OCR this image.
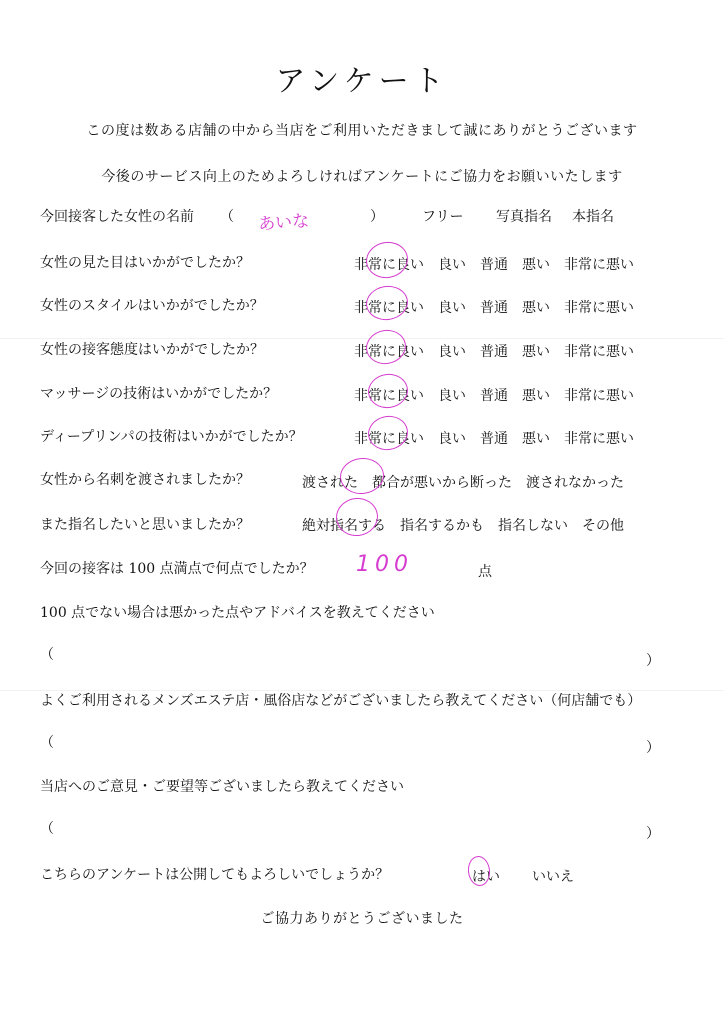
アンケート
この度は数ある店舗の中から当店をご利用いただきまして誠にありがとうございます
今後のサービス向上のためよろしければアンケートにご協力をお願いいたします
今回接客した女性の名前 （ あいな	）	フリー 写真指名 本指名
女性の見た目はいかがでしたか？	非常に良い 良い 普通 悪い 非常に悪い
女性のスタイルはいかがでしたか？	非常に良い 良い 普通 悪い 非常に悪い
女性の接客態度はいかがでしたか？	非常に良い 良い 普通 悪い 非常に悪い
マッサージの技術はいかがでしたか？	非常に良い 良い 普通 悪い 非常に悪い
ディープリンパの技術はいかがでしたか？	非常に良い 良い 普通 悪い 非常に悪い
女性から名刺を渡されましたか？	渡された 都合が悪いから断った 渡されなかった
また指名したいと思いましたか？	絶対指名する 指名するかも 指名しない その他
今回の接客は 100 点満点で何点でしたか？ 100	点
100 点でない場合は悪かった点やアドバイスを教えてください
（	）
よくご利用されるメンズエステ店・風俗店などがございましたら教えてください（何店舗でも）
（	）
当店へのご意見・ご要望等ございましたら教えてください
（	）
こちらのアンケートは公開してもよろしいでしょうか？	はい いいえ
ご協力ありがとうございました
